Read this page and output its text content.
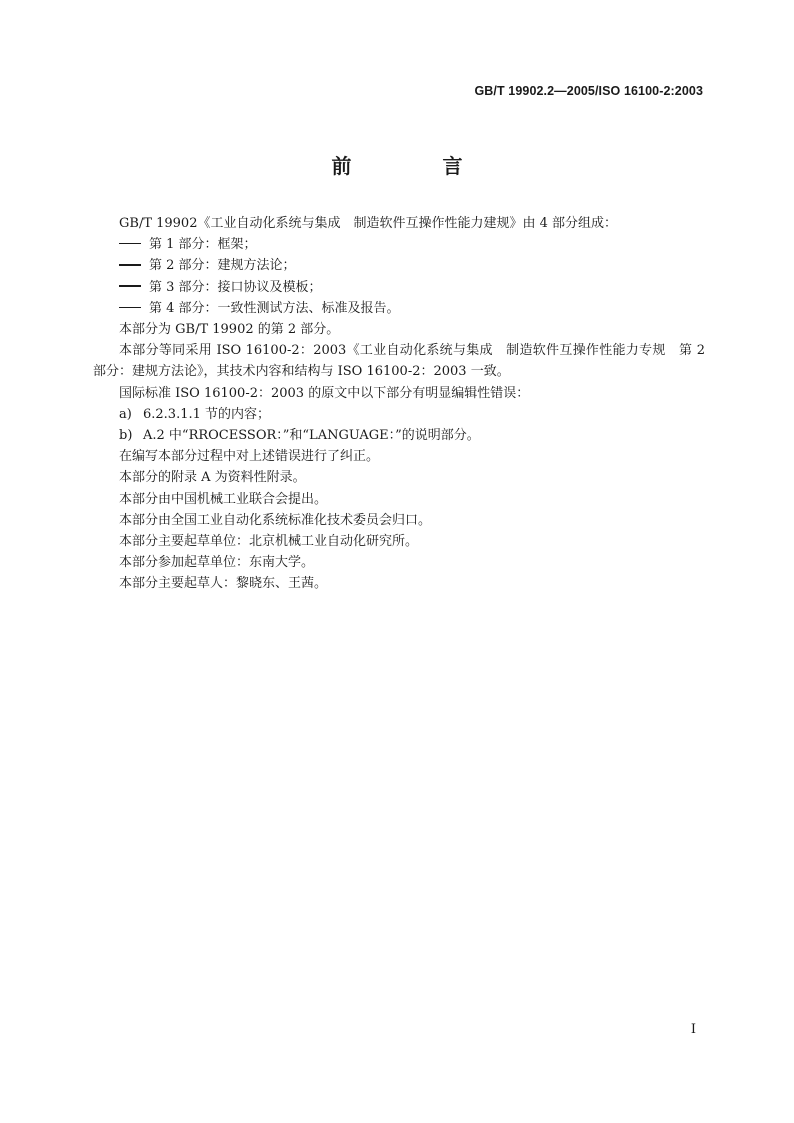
GB/T 19902.2—2005/ISO 16100-2:2003
前 言

GB/T 19902《工业自动化系统与集成　制造软件互操作性能力建规》由 4 部分组成：

第 1 部分：框架；

第 2 部分：建规方法论；

第 3 部分：接口协议及模板；

第 4 部分：一致性测试方法、标准及报告。

本部分为 GB/T 19902 的第 2 部分。

本部分等同采用 ISO 16100-2：2003《工业自动化系统与集成　制造软件互操作性能力专规　第 2 部分：建规方法论》，其技术内容和结构与 ISO 16100-2：2003 一致。

国际标准 ISO 16100-2：2003 的原文中以下部分有明显编辑性错误：

a) 6.2.3.1.1 节的内容；

b) A.2 中“RROCESSOR：”和“LANGUAGE：”的说明部分。

在编写本部分过程中对上述错误进行了纠正。

本部分的附录 A 为资料性附录。

本部分由中国机械工业联合会提出。

本部分由全国工业自动化系统标准化技术委员会归口。

本部分主要起草单位：北京机械工业自动化研究所。

本部分参加起草单位：东南大学。

本部分主要起草人：黎晓东、王茜。

I
